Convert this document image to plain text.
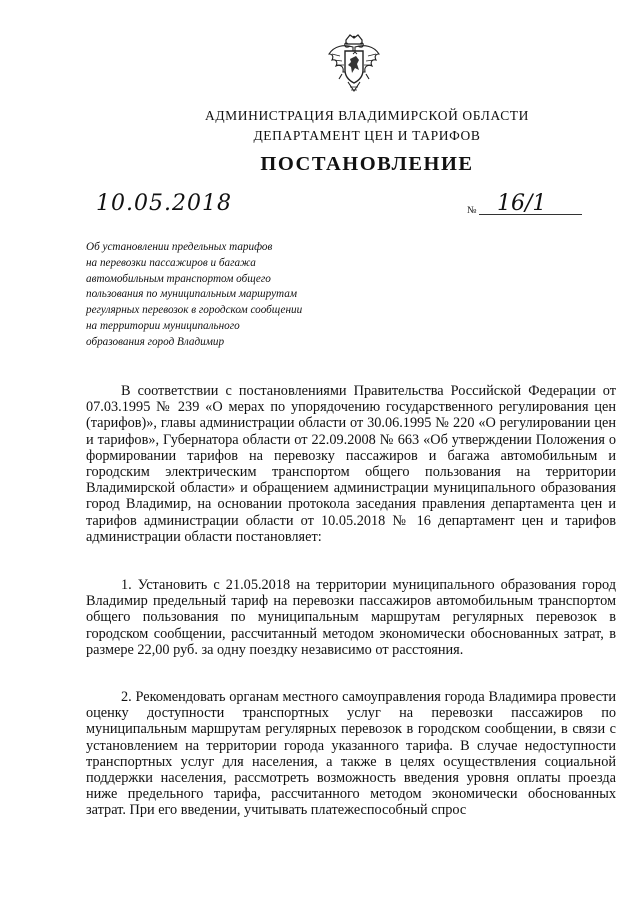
АДМИНИСТРАЦИЯ ВЛАДИМИРСКОЙ ОБЛАСТИ
ДЕПАРТАМЕНТ ЦЕН И ТАРИФОВ
ПОСТАНОВЛЕНИЕ
10.05.2018	№ 16/1
Об установлении предельных тарифов
на перевозки пассажиров и багажа
автомобильным транспортом общего
пользования по муниципальным маршрутам
регулярных перевозок в городском сообщении
на территории муниципального
образования город Владимир
В соответствии с постановлениями Правительства Российской Федерации от 07.03.1995 № 239 «О мерах по упорядочению государственного регулирования цен (тарифов)», главы администрации области от 30.06.1995 № 220 «О регулировании цен и тарифов», Губернатора области от 22.09.2008 № 663 «Об утверждении Положения о формировании тарифов на перевозку пассажиров и багажа автомобильным и городским электрическим транспортом общего пользования на территории Владимирской области» и обращением администрации муниципального образования город Владимир, на основании протокола заседания правления департамента цен и тарифов администрации области от 10.05.2018 № 16 департамент цен и тарифов администрации области постановляет:
1. Установить с 21.05.2018 на территории муниципального образования город Владимир предельный тариф на перевозки пассажиров автомобильным транспортом общего пользования по муниципальным маршрутам регулярных перевозок в городском сообщении, рассчитанный методом экономически обоснованных затрат, в размере 22,00 руб. за одну поездку независимо от расстояния.
2. Рекомендовать органам местного самоуправления города Владимира провести оценку доступности транспортных услуг на перевозки пассажиров по муниципальным маршрутам регулярных перевозок в городском сообщении, в связи с установлением на территории города указанного тарифа. В случае недоступности транспортных услуг для населения, а также в целях осуществления социальной поддержки населения, рассмотреть возможность введения уровня оплаты проезда ниже предельного тарифа, рассчитанного методом экономически обоснованных затрат. При его введении, учитывать платежеспособный спрос
